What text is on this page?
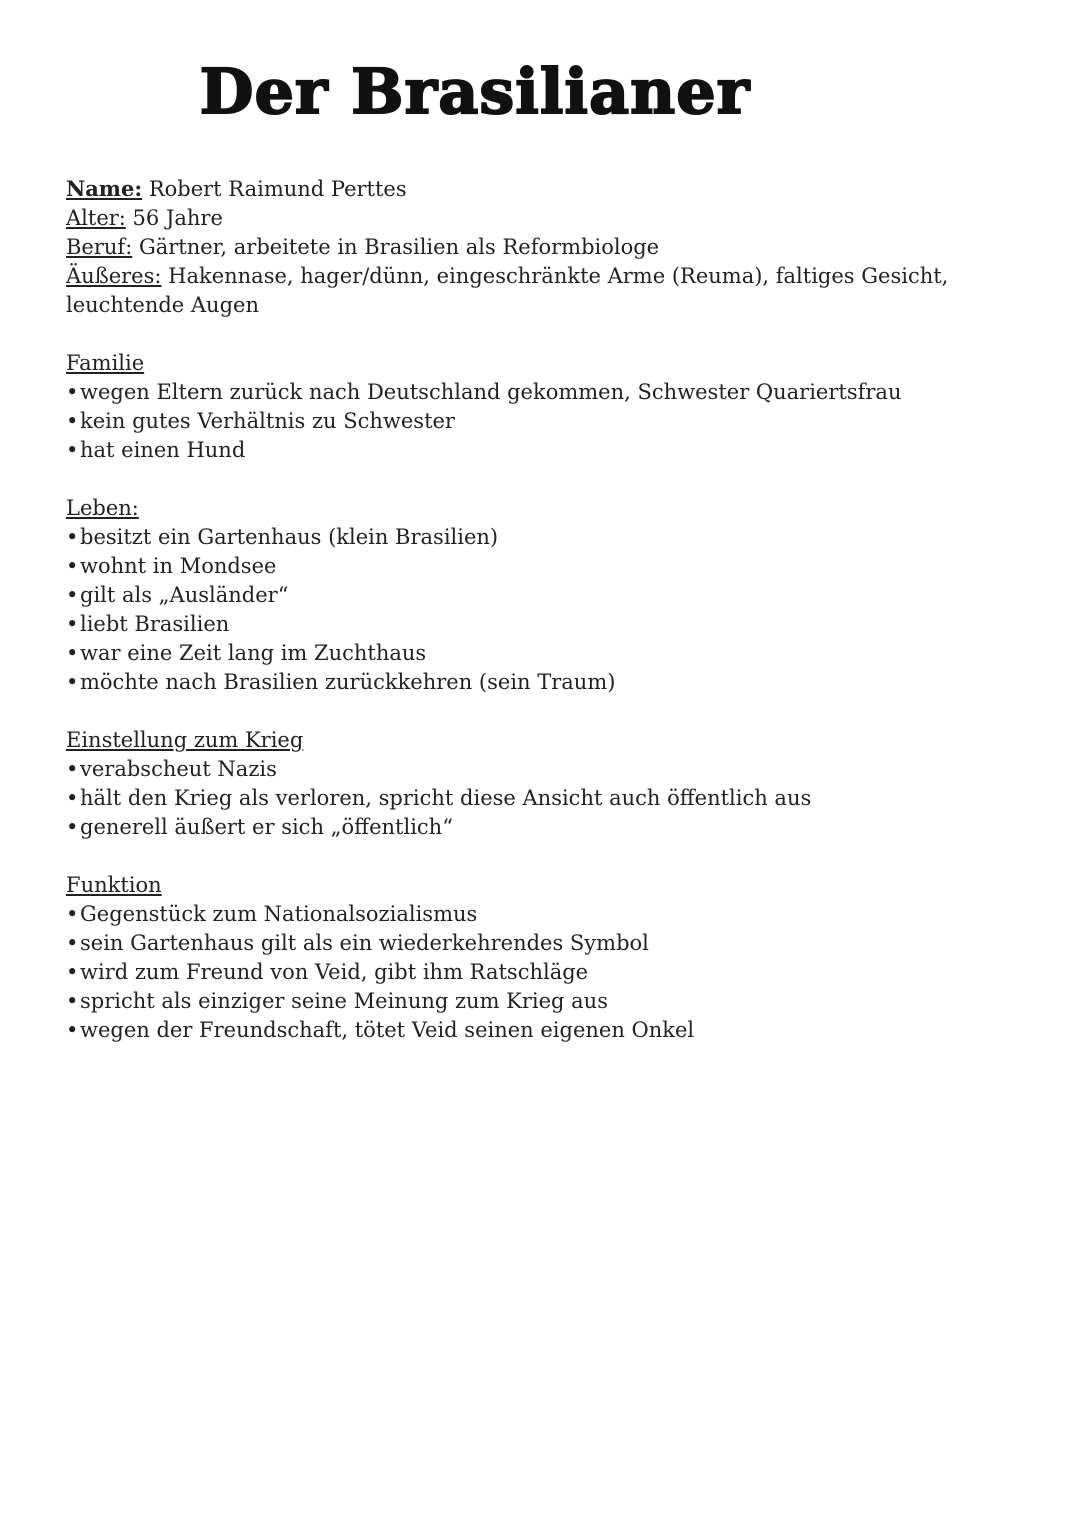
Der Brasilianer

Name: Robert Raimund Perttes

Alter: 56 Jahre

Beruf: Gärtner, arbeitete in Brasilien als Reformbiologe

Äußeres: Hakennase, hager/dünn, eingeschränkte Arme (Reuma), faltiges Gesicht, leuchtende Augen

Familie

•wegen Eltern zurück nach Deutschland gekommen, Schwester Quariertsfrau
•kein gutes Verhältnis zu Schwester
•hat einen Hund

Leben:

•besitzt ein Gartenhaus (klein Brasilien)
•wohnt in Mondsee
•gilt als „Ausländer“
•liebt Brasilien
•war eine Zeit lang im Zuchthaus
•möchte nach Brasilien zurückkehren (sein Traum)

Einstellung zum Krieg

•verabscheut Nazis
•hält den Krieg als verloren, spricht diese Ansicht auch öffentlich aus
•generell äußert er sich „öffentlich“

Funktion

•Gegenstück zum Nationalsozialismus
•sein Gartenhaus gilt als ein wiederkehrendes Symbol
•wird zum Freund von Veid, gibt ihm Ratschläge
•spricht als einziger seine Meinung zum Krieg aus
•wegen der Freundschaft, tötet Veid seinen eigenen Onkel
